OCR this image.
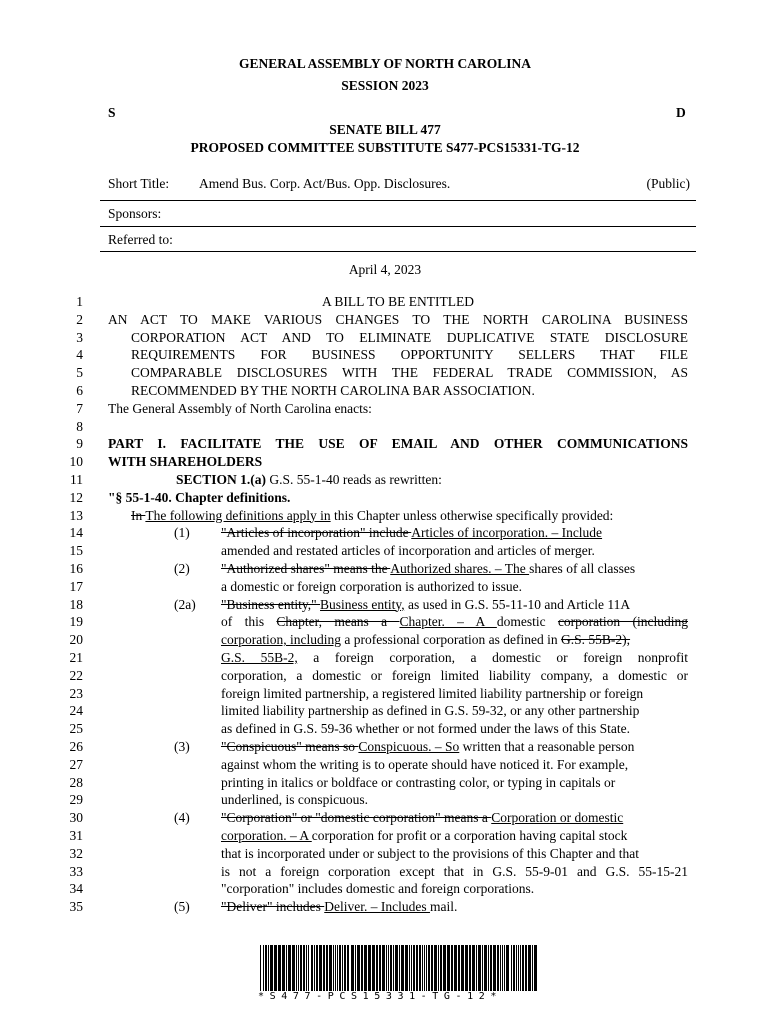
GENERAL ASSEMBLY OF NORTH CAROLINA
SESSION 2023
S	D
SENATE BILL 477
PROPOSED COMMITTEE SUBSTITUTE S477-PCS15331-TG-12
Short Title: Amend Bus. Corp. Act/Bus. Opp. Disclosures.	(Public)
Sponsors:
Referred to:
April 4, 2023
1	A BILL TO BE ENTITLED
2 AN ACT TO MAKE VARIOUS CHANGES TO THE NORTH CAROLINA BUSINESS
3	CORPORATION ACT AND TO ELIMINATE DUPLICATIVE STATE DISCLOSURE
4	REQUIREMENTS FOR BUSINESS OPPORTUNITY SELLERS THAT FILE
5	COMPARABLE DISCLOSURES WITH THE FEDERAL TRADE COMMISSION, AS
6	RECOMMENDED BY THE NORTH CAROLINA BAR ASSOCIATION.
7 The General Assembly of North Carolina enacts:
8
9 PART I. FACILITATE THE USE OF EMAIL AND OTHER COMMUNICATIONS
10 WITH SHAREHOLDERS
11	SECTION 1.(a) G.S. 55-1-40 reads as rewritten:
12 "§ 55-1-40. Chapter definitions.
13	In The following definitions apply in this Chapter unless otherwise specifically provided:
14	(1) "Articles of incorporation" include Articles of incorporation. – Include
15	amended and restated articles of incorporation and articles of merger.
16	(2) "Authorized shares" means the Authorized shares. – The shares of all classes
17	a domestic or foreign corporation is authorized to issue.
18	(2a) "Business entity," Business entity, as used in G.S. 55-11-10 and Article 11A
19	of this Chapter, means a Chapter. – A domestic corporation (including
20	corporation, including a professional corporation as defined in G.S. 55B-2),
21	G.S. 55B-2, a foreign corporation, a domestic or foreign nonprofit
22	corporation, a domestic or foreign limited liability company, a domestic or
23	foreign limited partnership, a registered limited liability partnership or foreign
24	limited liability partnership as defined in G.S. 59-32, or any other partnership
25	as defined in G.S. 59-36 whether or not formed under the laws of this State.
26	(3) "Conspicuous" means so Conspicuous. – So written that a reasonable person
27	against whom the writing is to operate should have noticed it. For example,
28	printing in italics or boldface or contrasting color, or typing in capitals or
29	underlined, is conspicuous.
30	(4) "Corporation" or "domestic corporation" means a Corporation or domestic
31	corporation. – A corporation for profit or a corporation having capital stock
32	that is incorporated under or subject to the provisions of this Chapter and that
33	is not a foreign corporation except that in G.S. 55-9-01 and G.S. 55-15-21
34	"corporation" includes domestic and foreign corporations.
35	(5) "Deliver" includes Deliver. – Includes mail.
*S477-PCS15331-TG-12*
